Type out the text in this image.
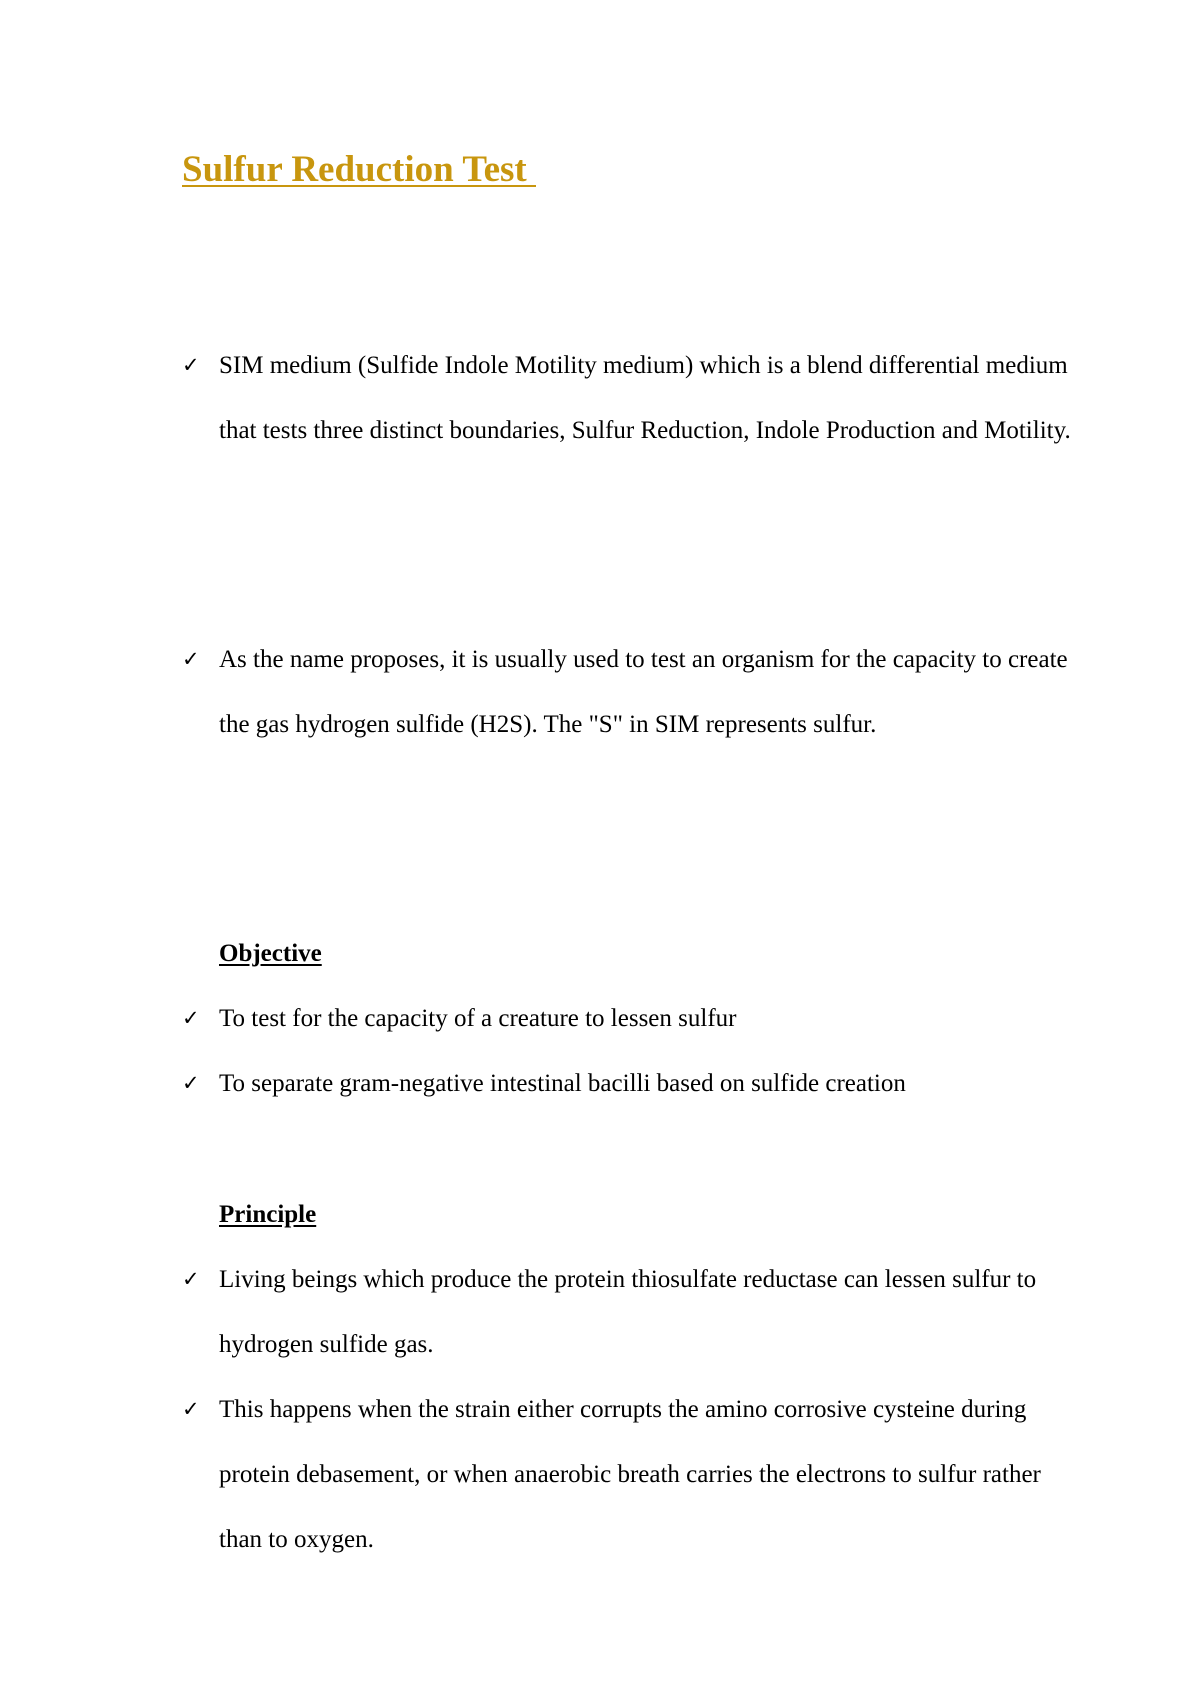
Sulfur Reduction Test
✓ SIM medium (Sulfide Indole Motility medium) which is a blend differential medium that tests three distinct boundaries, Sulfur Reduction, Indole Production and Motility.
✓ As the name proposes, it is usually used to test an organism for the capacity to create the gas hydrogen sulfide (H2S). The "S" in SIM represents sulfur.
Objective
✓ To test for the capacity of a creature to lessen sulfur
✓ To separate gram-negative intestinal bacilli based on sulfide creation
Principle
✓ Living beings which produce the protein thiosulfate reductase can lessen sulfur to hydrogen sulfide gas.
✓ This happens when the strain either corrupts the amino corrosive cysteine during protein debasement, or when anaerobic breath carries the electrons to sulfur rather than to oxygen.
